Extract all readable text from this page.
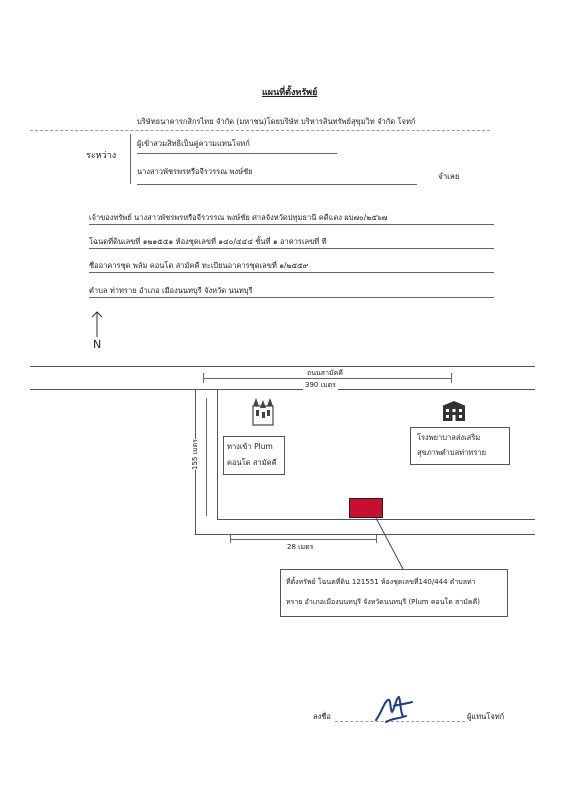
แผนที่ตั้งทรัพย์
บริษัทธนาคารกสิกรไทย จำกัด (มหาชน)โดยบริษัท บริหารสินทรัพย์สุขุมวิท จำกัด โจทก์
ระหว่าง
ผู้เข้าสวมสิทธิเป็นคู่ความแทนโจทก์
นางสาวพัชรพรหรือจีรวรรณ พงษ์ชัย
จำเลย
เจ้าของทรัพย์ นางสาวพัชรพรหรือจีรวรรณ พงษ์ชัย ศาลจังหวัดปทุมธานี คดีแดง ผบ๗๐/๒๕๖๗
โฉนดที่ดินเลขที่ ๑๒๑๕๕๑ ห้องชุดเลขที่ ๑๔๐/๔๔๔ ชั้นที่ ๑ อาคารเลขที่ ที
ชื่ออาคารชุด พลัม คอนโด สามัคคี ทะเบียนอาคารชุดเลขที่ ๑/๒๕๕๙
ตำบล ท่าทราย อำเภอ เมืองนนทบุรี จังหวัด นนทบุรี
N
ถนนสามัคคี
390 เมตร
155 เมตร
28 เมตร
ทางเข้า Plum
คอนโด สามัคคี
โรงพยาบาลส่งเสริม
สุขภาพตำบลท่าทราย
ที่ตั้งทรัพย์ โฉนดที่ดิน 121551 ห้องชุดเลขที่140/444 ตำบลท่า
ทราย อำเภอเมืองนนทบุรี จังหวัดนนทบุรี (Plum คอนโด สามัคคี)
ลงชื่อ	ผู้แทนโจทก์
